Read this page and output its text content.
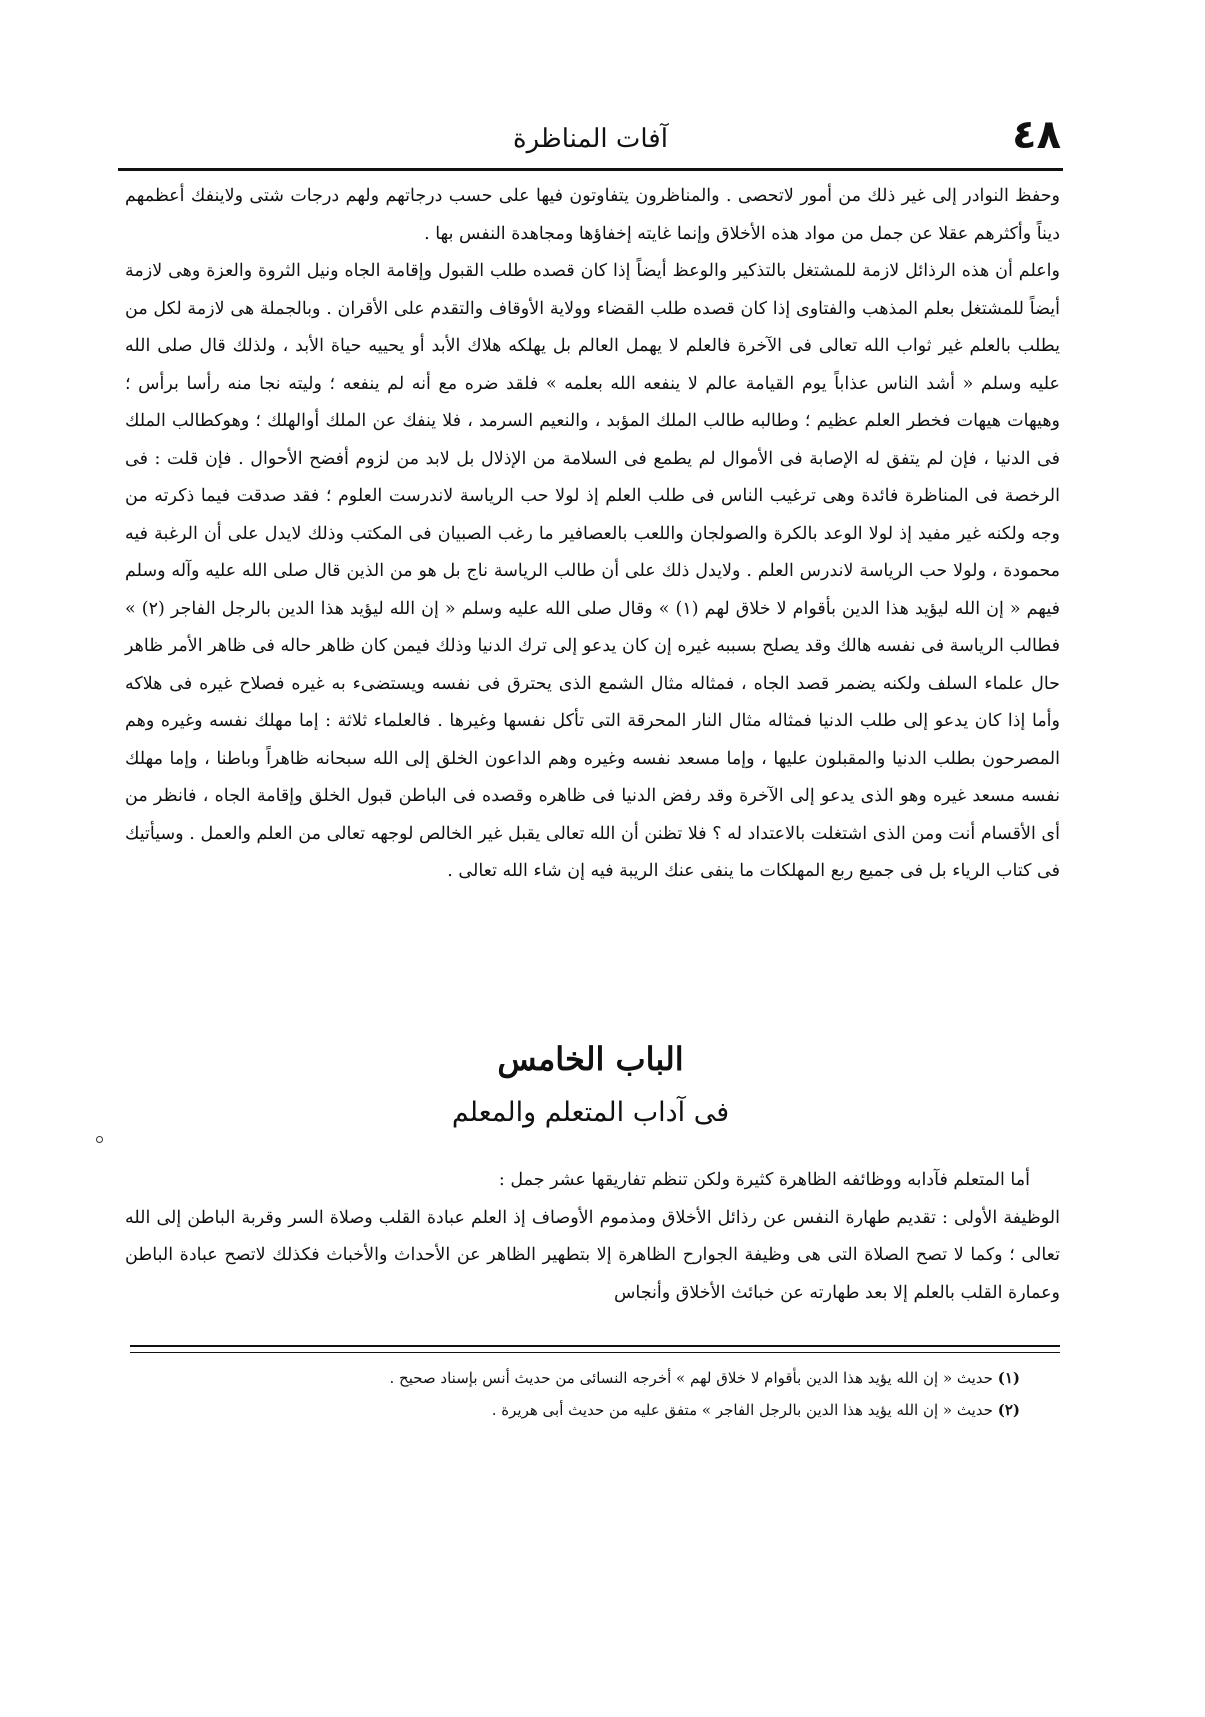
٤٨
آفات المناظرة

وحفظ النوادر إلى غير ذلك من أمور لاتحصى . والمناظرون يتفاوتون فيها على حسب درجاتهم ولهم درجات شتى ولاينفك أعظمهم ديناً وأكثرهم عقلا عن جمل من مواد هذه الأخلاق وإنما غايته إخفاؤها ومجاهدة النفس بها .

واعلم أن هذه الرذائل لازمة للمشتغل بالتذكير والوعظ أيضاً إذا كان قصده طلب القبول وإقامة الجاه ونيل الثروة والعزة وهى لازمة أيضاً للمشتغل بعلم المذهب والفتاوى إذا كان قصده طلب القضاء وولاية الأوقاف والتقدم على الأقران . وبالجملة هى لازمة لكل من يطلب بالعلم غير ثواب الله تعالى فى الآخرة فالعلم لا يهمل العالم بل يهلكه هلاك الأبد أو يحييه حياة الأبد ، ولذلك قال صلى الله عليه وسلم « أشد الناس عذاباً يوم القيامة عالم لا ينفعه الله بعلمه » فلقد ضره مع أنه لم ينفعه ؛ وليته نجا منه رأسا برأس ؛ وهيهات هيهات فخطر العلم عظيم ؛ وطالبه طالب الملك المؤبد ، والنعيم السرمد ، فلا ينفك عن الملك أوالهلك ؛ وهوكطالب الملك فى الدنيا ، فإن لم يتفق له الإصابة فى الأموال لم يطمع فى السلامة من الإذلال بل لابد من لزوم أفضح الأحوال . فإن قلت : فى الرخصة فى المناظرة فائدة وهى ترغيب الناس فى طلب العلم إذ لولا حب الرياسة لاندرست العلوم ؛ فقد صدقت فيما ذكرته من وجه ولكنه غير مفيد إذ لولا الوعد بالكرة والصولجان واللعب بالعصافير ما رغب الصبيان فى المكتب وذلك لايدل على أن الرغبة فيه محمودة ، ولولا حب الرياسة لاندرس العلم . ولايدل ذلك على أن طالب الرياسة ناج بل هو من الذين قال صلى الله عليه وآله وسلم فيهم « إن الله ليؤيد هذا الدين بأقوام لا خلاق لهم (١) » وقال صلى الله عليه وسلم « إن الله ليؤيد هذا الدين بالرجل الفاجر (٢) » فطالب الرياسة فى نفسه هالك وقد يصلح بسببه غيره إن كان يدعو إلى ترك الدنيا وذلك فيمن كان ظاهر حاله فى ظاهر الأمر ظاهر حال علماء السلف ولكنه يضمر قصد الجاه ، فمثاله مثال الشمع الذى يحترق فى نفسه ويستضىء به غيره فصلاح غيره فى هلاكه وأما إذا كان يدعو إلى طلب الدنيا فمثاله مثال النار المحرقة التى تأكل نفسها وغيرها . فالعلماء ثلاثة : إما مهلك نفسه وغيره وهم المصرحون بطلب الدنيا والمقبلون عليها ، وإما مسعد نفسه وغيره وهم الداعون الخلق إلى الله سبحانه ظاهراً وباطنا ، وإما مهلك نفسه مسعد غيره وهو الذى يدعو إلى الآخرة وقد رفض الدنيا فى ظاهره وقصده فى الباطن قبول الخلق وإقامة الجاه ، فانظر من أى الأقسام أنت ومن الذى اشتغلت بالاعتداد له ؟ فلا تظنن أن الله تعالى يقبل غير الخالص لوجهه تعالى من العلم والعمل . وسيأتيك فى كتاب الرياء بل فى جميع ربع المهلكات ما ينفى عنك الريبة فيه إن شاء الله تعالى .

الباب الخامس
فى آداب المتعلم والمعلم

أما المتعلم فآدابه ووظائفه الظاهرة كثيرة ولكن تنظم تفاريقها عشر جمل :

الوظيفة الأولى : تقديم طهارة النفس عن رذائل الأخلاق ومذموم الأوصاف إذ العلم عبادة القلب وصلاة السر وقربة الباطن إلى الله تعالى ؛ وكما لا تصح الصلاة التى هى وظيفة الجوارح الظاهرة إلا بتطهير الظاهر عن الأحداث والأخباث فكذلك لاتصح عبادة الباطن وعمارة القلب بالعلم إلا بعد طهارته عن خبائث الأخلاق وأنجاس

(١) حديث « إن الله يؤيد هذا الدين بأقوام لا خلاق لهم » أخرجه النسائى من حديث أنس بإسناد صحيح .

(٢) حديث « إن الله يؤيد هذا الدين بالرجل الفاجر » متفق عليه من حديث أبى هريرة .
